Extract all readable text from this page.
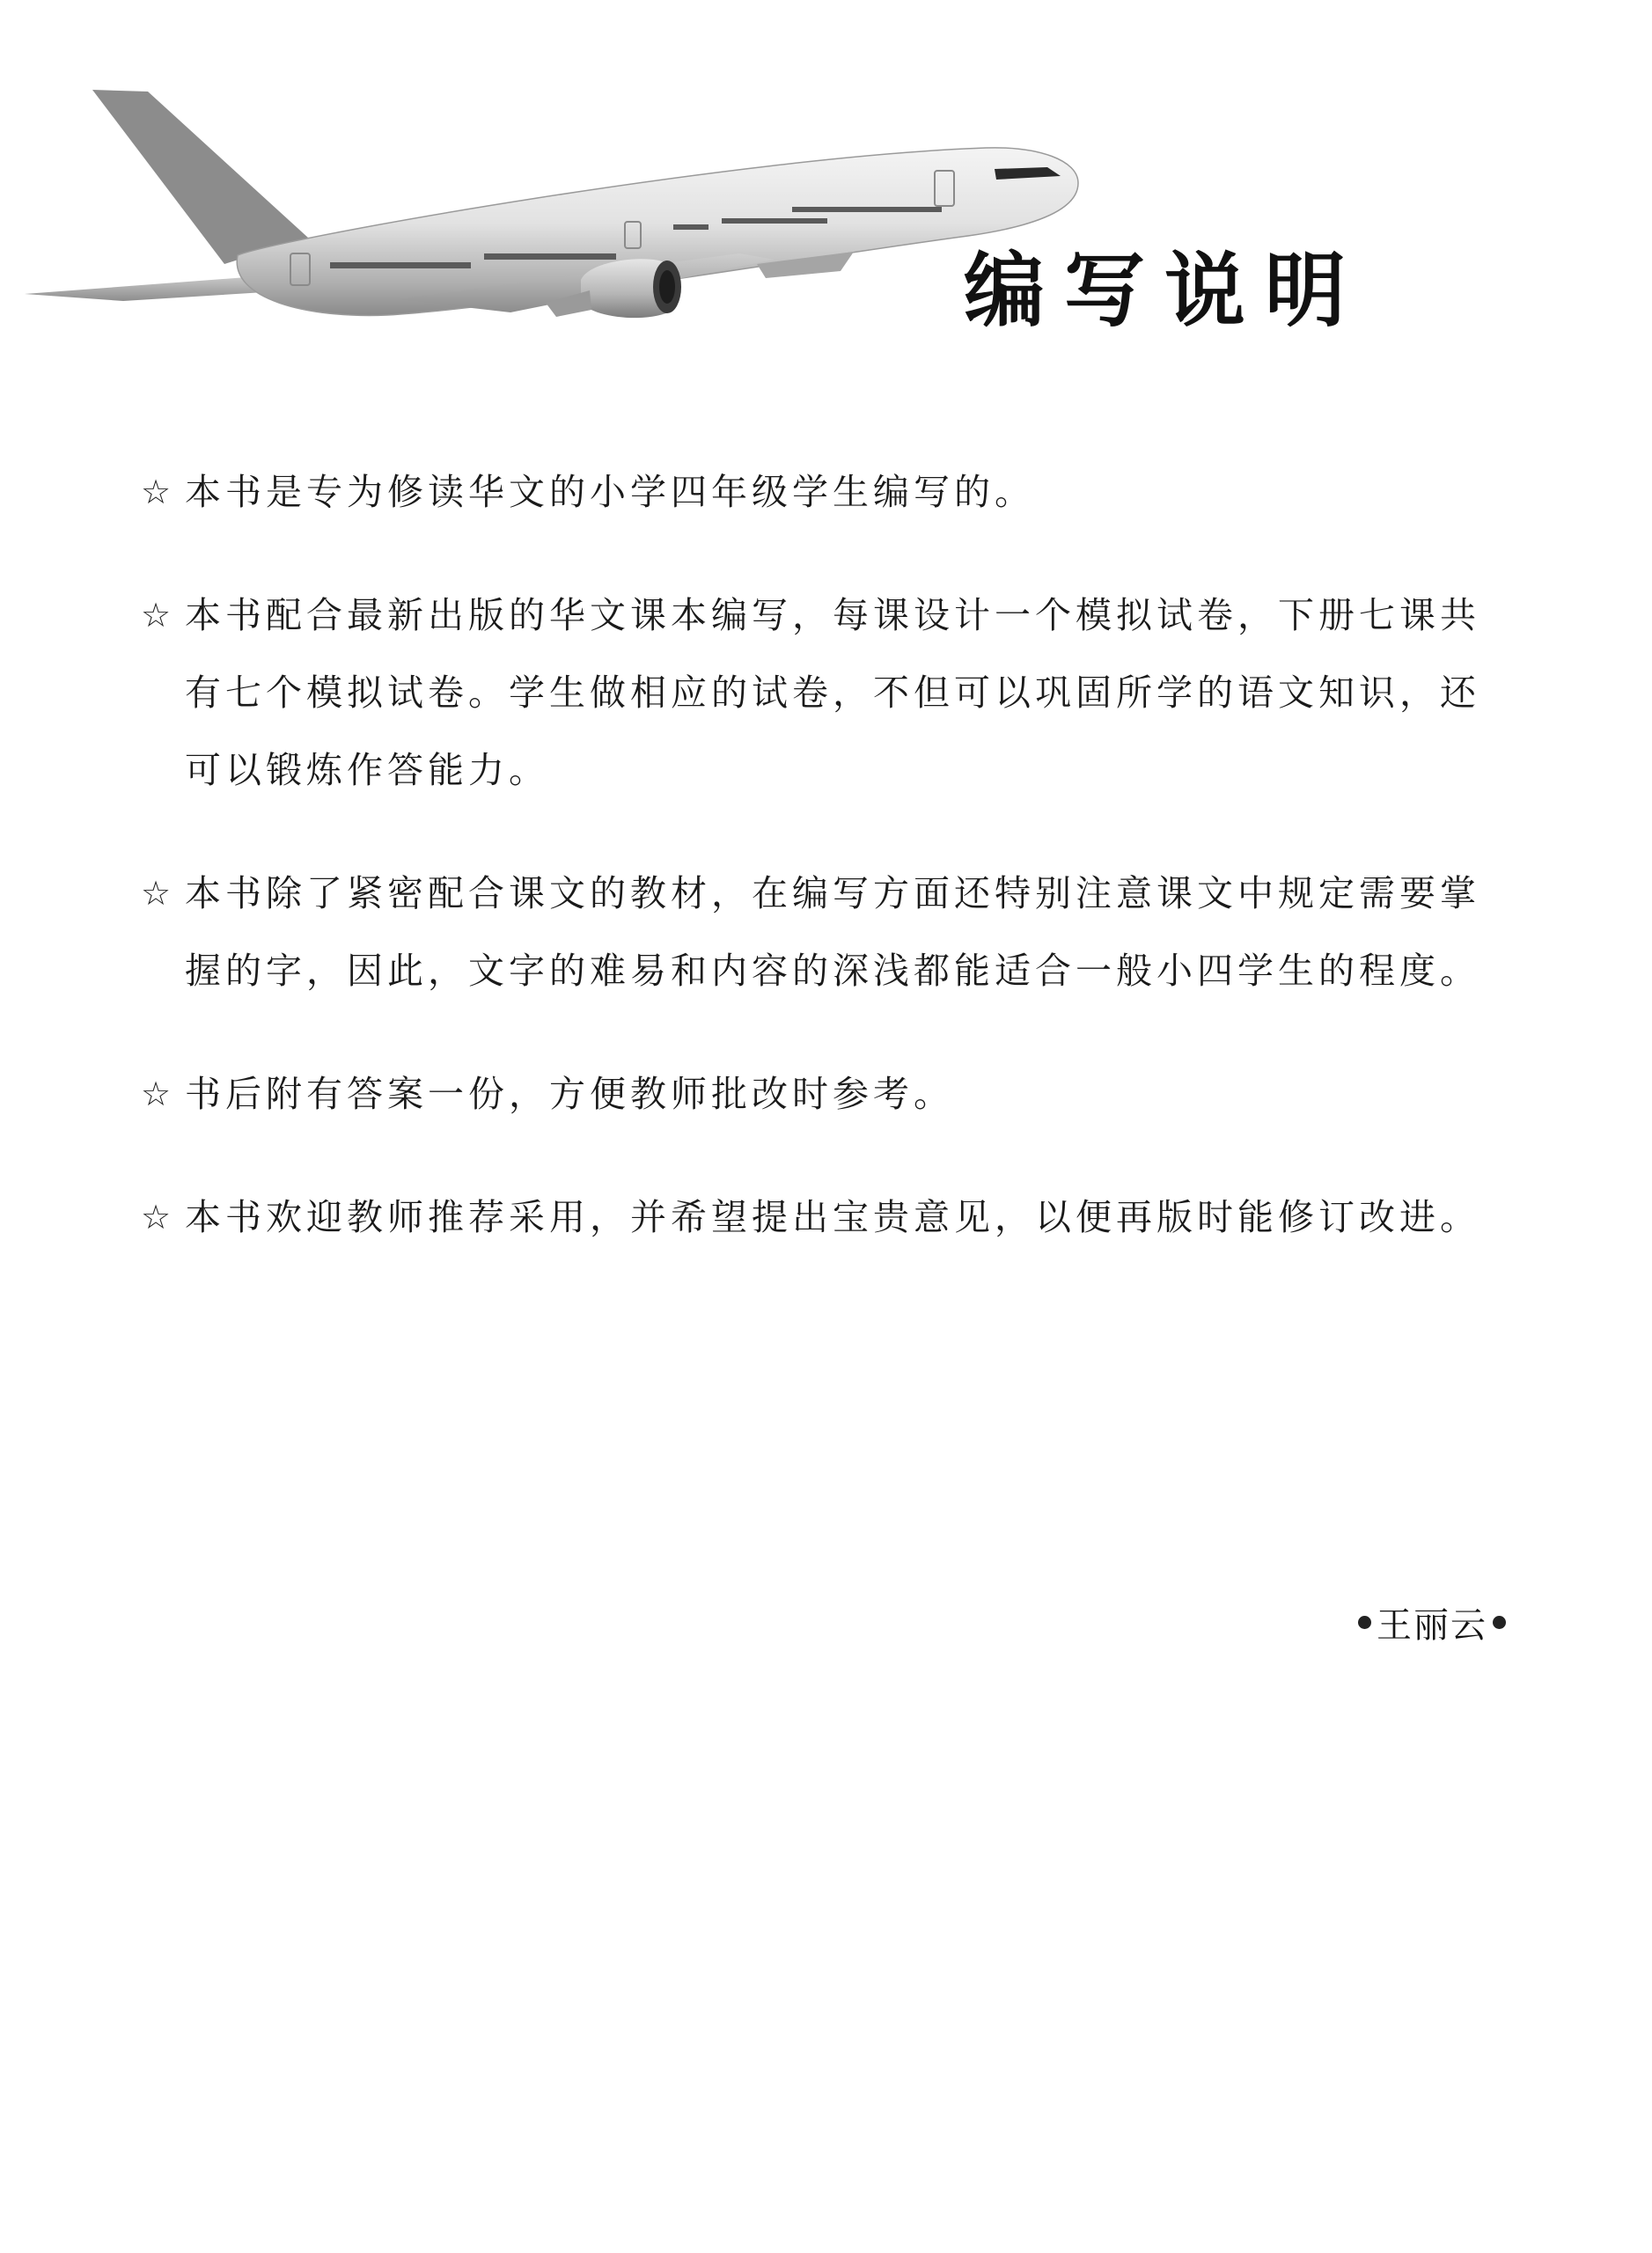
编写说明
☆ 本书是专为修读华文的小学四年级学生编写的。
☆ 本书配合最新出版的华文课本编写，每课设计一个模拟试卷，下册七课共有七个模拟试卷。学生做相应的试卷，不但可以巩固所学的语文知识，还可以锻炼作答能力。
☆ 本书除了紧密配合课文的教材，在编写方面还特别注意课文中规定需要掌握的字，因此，文字的难易和内容的深浅都能适合一般小四学生的程度。
☆ 书后附有答案一份，方便教师批改时参考。
☆ 本书欢迎教师推荐采用，并希望提出宝贵意见，以便再版时能修订改进。
王丽云
